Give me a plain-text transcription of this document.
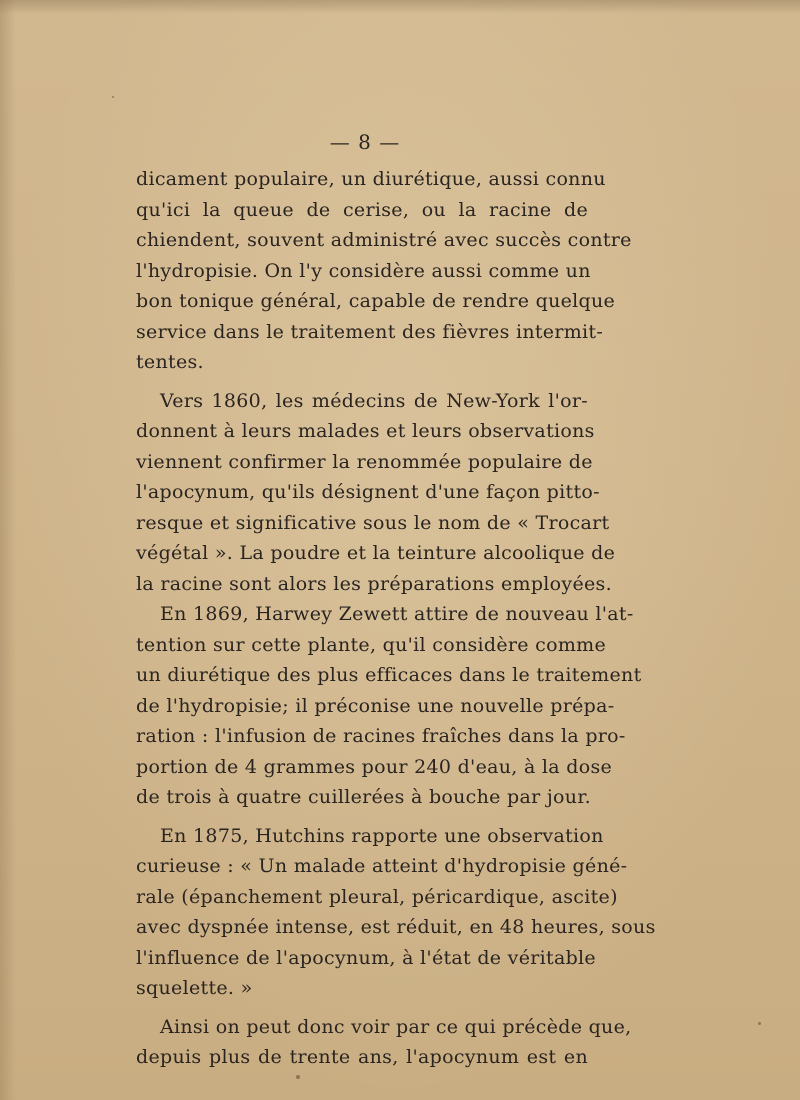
— 8 —
dicament populaire, un diurétique, aussi connu
qu'ici la queue de cerise, ou la racine de
chiendent, souvent administré avec succès contre
l'hydropisie. On l'y considère aussi comme un
bon tonique général, capable de rendre quelque
service dans le traitement des fièvres intermit-
tentes.
Vers 1860, les médecins de New-York l'or-
donnent à leurs malades et leurs observations
viennent confirmer la renommée populaire de
l'apocynum, qu'ils désignent d'une façon pitto-
resque et significative sous le nom de « Trocart
végétal ». La poudre et la teinture alcoolique de
la racine sont alors les préparations employées.
En 1869, Harwey Zewett attire de nouveau l'at-
tention sur cette plante, qu'il considère comme
un diurétique des plus efficaces dans le traitement
de l'hydropisie; il préconise une nouvelle prépa-
ration : l'infusion de racines fraîches dans la pro-
portion de 4 grammes pour 240 d'eau, à la dose
de trois à quatre cuillerées à bouche par jour.
En 1875, Hutchins rapporte une observation
curieuse : « Un malade atteint d'hydropisie géné-
rale (épanchement pleural, péricardique, ascite)
avec dyspnée intense, est réduit, en 48 heures, sous
l'influence de l'apocynum, à l'état de véritable
squelette. »
Ainsi on peut donc voir par ce qui précède que,
depuis plus de trente ans, l'apocynum est en
